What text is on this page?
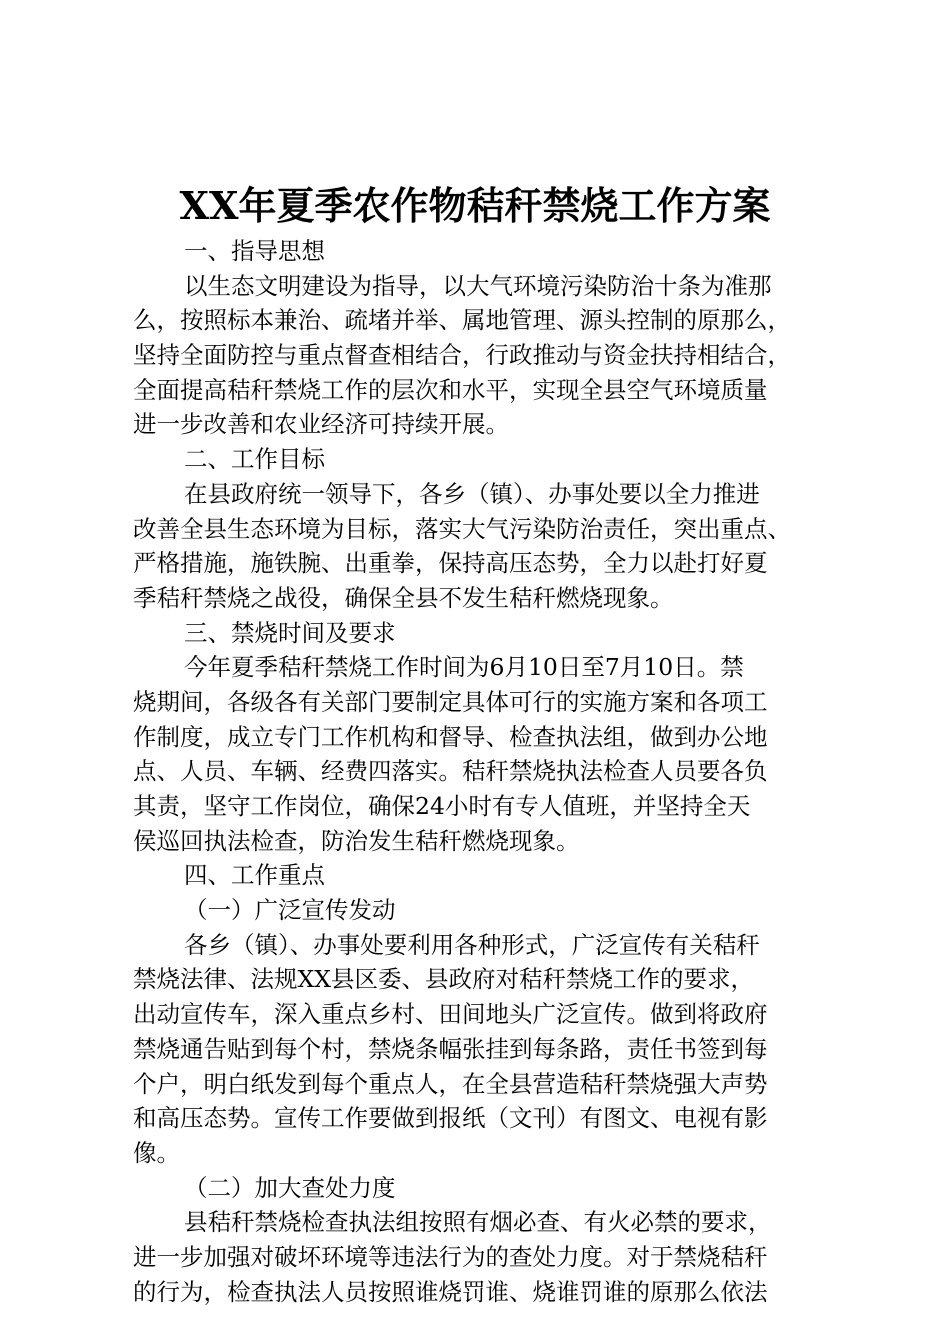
XX年夏季农作物秸秆禁烧工作方案
一、指导思想
以生态文明建设为指导，以大气环境污染防治十条为准那
么，按照标本兼治、疏堵并举、属地管理、源头控制的原那么，
坚持全面防控与重点督查相结合，行政推动与资金扶持相结合，
全面提高秸秆禁烧工作的层次和水平，实现全县空气环境质量
进一步改善和农业经济可持续开展。
二、工作目标
在县政府统一领导下，各乡（镇）、办事处要以全力推进
改善全县生态环境为目标，落实大气污染防治责任，突出重点、
严格措施，施铁腕、出重拳，保持高压态势，全力以赴打好夏
季秸秆禁烧之战役，确保全县不发生秸秆燃烧现象。
三、禁烧时间及要求
今年夏季秸秆禁烧工作时间为6月10日至7月10日。禁
烧期间，各级各有关部门要制定具体可行的实施方案和各项工
作制度，成立专门工作机构和督导、检查执法组，做到办公地
点、人员、车辆、经费四落实。秸秆禁烧执法检查人员要各负
其责，坚守工作岗位，确保24小时有专人值班，并坚持全天
侯巡回执法检查，防治发生秸秆燃烧现象。
四、工作重点
（一）广泛宣传发动
各乡（镇）、办事处要利用各种形式，广泛宣传有关秸秆
禁烧法律、法规XX县区委、县政府对秸秆禁烧工作的要求，
出动宣传车，深入重点乡村、田间地头广泛宣传。做到将政府
禁烧通告贴到每个村，禁烧条幅张挂到每条路，责任书签到每
个户，明白纸发到每个重点人，在全县营造秸秆禁烧强大声势
和高压态势。宣传工作要做到报纸（文刊）有图文、电视有影
像。
（二）加大查处力度
县秸秆禁烧检查执法组按照有烟必查、有火必禁的要求，
进一步加强对破坏环境等违法行为的查处力度。对于禁烧秸秆
的行为，检查执法人员按照谁烧罚谁、烧谁罚谁的原那么依法
